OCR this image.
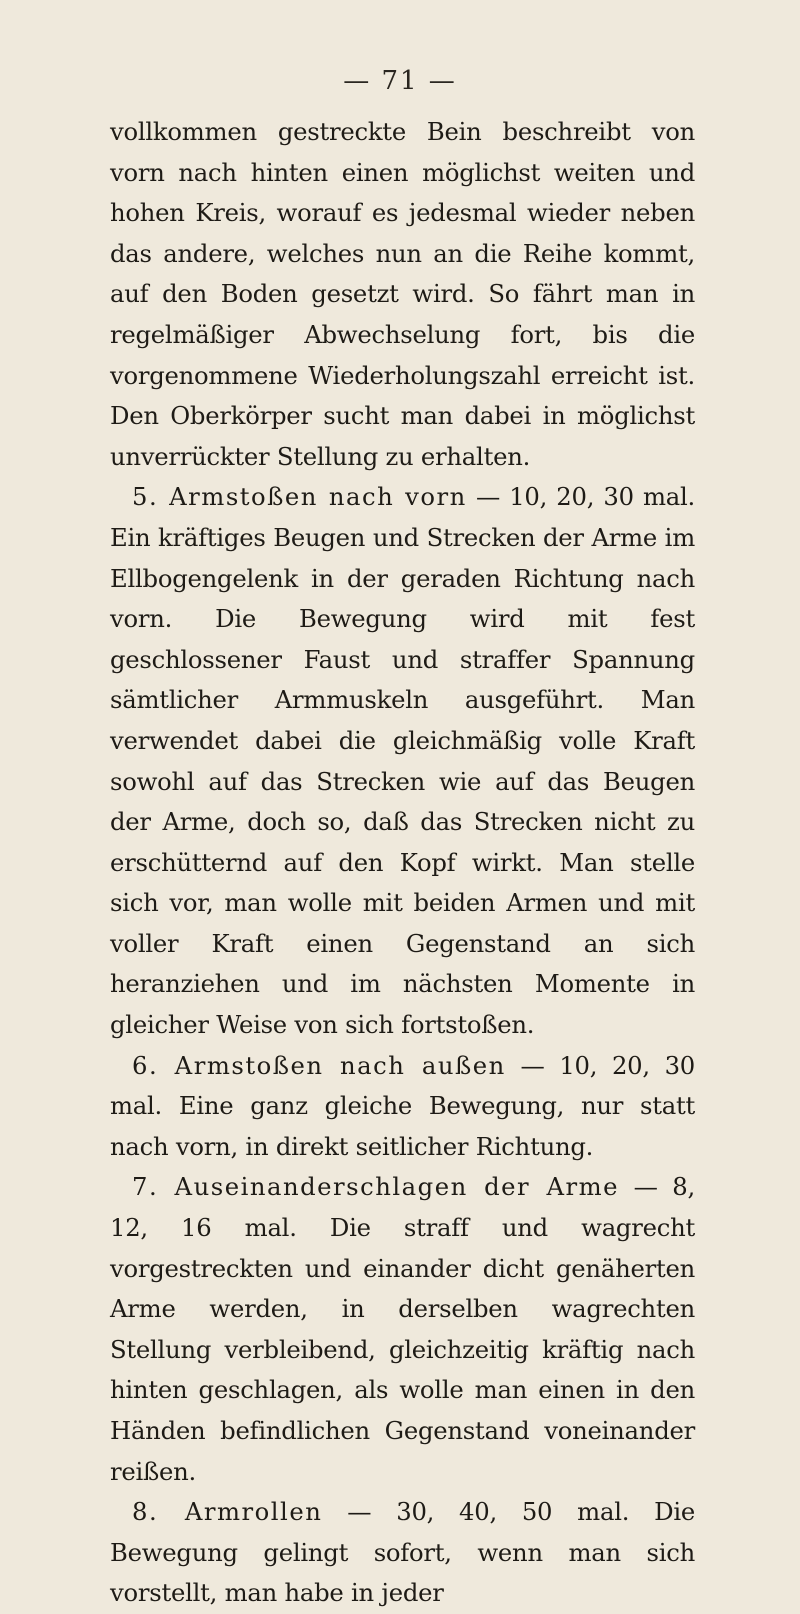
— 71 —

vollkommen gestreckte Bein beschreibt von vorn nach hinten einen möglichst weiten und hohen Kreis, worauf es jedesmal wieder neben das andere, welches nun an die Reihe kommt, auf den Boden gesetzt wird. So fährt man in regelmäßiger Abwechselung fort, bis die vorgenommene Wiederholungszahl erreicht ist. Den Oberkörper sucht man dabei in möglichst unverrückter Stellung zu erhalten.

5. Armstoßen nach vorn — 10, 20, 30 mal. Ein kräftiges Beugen und Strecken der Arme im Ellbogengelenk in der geraden Richtung nach vorn. Die Bewegung wird mit fest geschlossener Faust und straffer Spannung sämtlicher Armmuskeln ausgeführt. Man verwendet dabei die gleichmäßig volle Kraft sowohl auf das Strecken wie auf das Beugen der Arme, doch so, daß das Strecken nicht zu erschütternd auf den Kopf wirkt. Man stelle sich vor, man wolle mit beiden Armen und mit voller Kraft einen Gegenstand an sich heranziehen und im nächsten Momente in gleicher Weise von sich fortstoßen.

6. Armstoßen nach außen — 10, 20, 30 mal. Eine ganz gleiche Bewegung, nur statt nach vorn, in direkt seitlicher Richtung.

7. Auseinanderschlagen der Arme — 8, 12, 16 mal. Die straff und wagrecht vorgestreckten und einander dicht genäherten Arme werden, in derselben wagrechten Stellung verbleibend, gleichzeitig kräftig nach hinten geschlagen, als wolle man einen in den Händen befindlichen Gegenstand voneinander reißen.

8. Armrollen — 30, 40, 50 mal. Die Bewegung gelingt sofort, wenn man sich vorstellt, man habe in jeder
